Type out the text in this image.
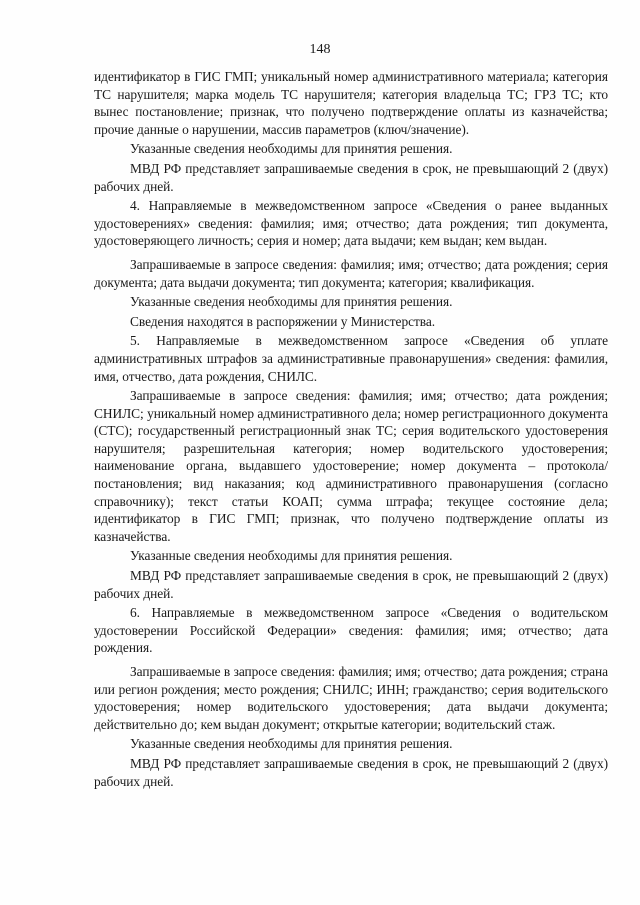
148

идентификатор в ГИС ГМП; уникальный номер административного материала; категория ТС нарушителя; марка модель ТС нарушителя; категория владельца ТС; ГРЗ ТС; кто вынес постановление; признак, что получено подтверждение оплаты из казначейства; прочие данные о нарушении, массив параметров (ключ/значение).

Указанные сведения необходимы для принятия решения.

МВД РФ представляет запрашиваемые сведения в срок, не превышающий 2 (двух) рабочих дней.

4. Направляемые в межведомственном запросе «Сведения о ранее выданных удостоверениях» сведения: фамилия; имя; отчество; дата рождения; тип документа, удостоверяющего личность; серия и номер; дата выдачи; кем выдан; кем выдан.

Запрашиваемые в запросе сведения: фамилия; имя; отчество; дата рождения; серия документа; дата выдачи документа; тип документа; категория; квалификация.

Указанные сведения необходимы для принятия решения.

Сведения находятся в распоряжении у Министерства.

5. Направляемые в межведомственном запросе «Сведения об уплате административных штрафов за административные правонарушения» сведения: фамилия, имя, отчество, дата рождения, СНИЛС.

Запрашиваемые в запросе сведения: фамилия; имя; отчество; дата рождения; СНИЛС; уникальный номер административного дела; номер регистрационного документа (СТС); государственный регистрационный знак ТС; серия водительского удостоверения нарушителя; разрешительная категория; номер водительского удостоверения; наименование органа, выдавшего удостоверение; номер документа – протокола/постановления; вид наказания; код административного правонарушения (согласно справочнику); текст статьи КОАП; сумма штрафа; текущее состояние дела; идентификатор в ГИС ГМП; признак, что получено подтверждение оплаты из казначейства.

Указанные сведения необходимы для принятия решения.

МВД РФ представляет запрашиваемые сведения в срок, не превышающий 2 (двух) рабочих дней.

6. Направляемые в межведомственном запросе «Сведения о водительском удостоверении Российской Федерации» сведения: фамилия; имя; отчество; дата рождения.

Запрашиваемые в запросе сведения: фамилия; имя; отчество; дата рождения; страна или регион рождения; место рождения; СНИЛС; ИНН; гражданство; серия водительского удостоверения; номер водительского удостоверения; дата выдачи документа; действительно до; кем выдан документ; открытые категории; водительский стаж.

Указанные сведения необходимы для принятия решения.

МВД РФ представляет запрашиваемые сведения в срок, не превышающий 2 (двух) рабочих дней.
